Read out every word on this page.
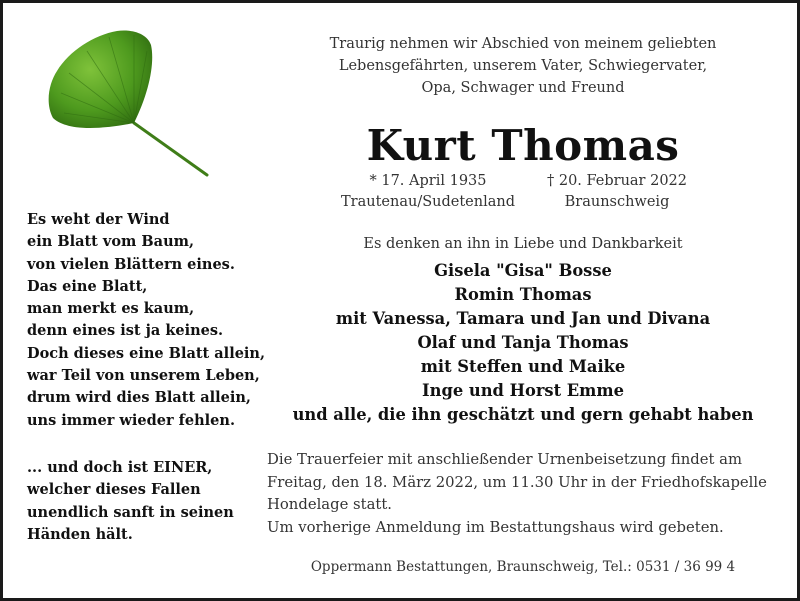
Es weht der Wind
ein Blatt vom Baum,
von vielen Blättern eines.
Das eine Blatt,
man merkt es kaum,
denn eines ist ja keines.
Doch dieses eine Blatt allein,
war Teil von unserem Leben,
drum wird dies Blatt allein,
uns immer wieder fehlen.
... und doch ist EINER,
welcher dieses Fallen
unendlich sanft in seinen
Händen hält.
Traurig nehmen wir Abschied von meinem geliebten
Lebensgefährten, unserem Vater, Schwiegervater,
Opa, Schwager und Freund
Kurt Thomas
* 17. April 1935
Trautenau/Sudetenland
† 20. Februar 2022
Braunschweig
Es denken an ihn in Liebe und Dankbarkeit
Gisela "Gisa" Bosse
Romin Thomas
mit Vanessa, Tamara und Jan und Divana
Olaf und Tanja Thomas
mit Steffen und Maike
Inge und Horst Emme
und alle, die ihn geschätzt und gern gehabt haben
Die Trauerfeier mit anschließender Urnenbeisetzung findet am
Freitag, den 18. März 2022, um 11.30 Uhr in der Friedhofskapelle
Hondelage statt.
Um vorherige Anmeldung im Bestattungshaus wird gebeten.
Oppermann Bestattungen, Braunschweig, Tel.: 0531 / 36 99 4
